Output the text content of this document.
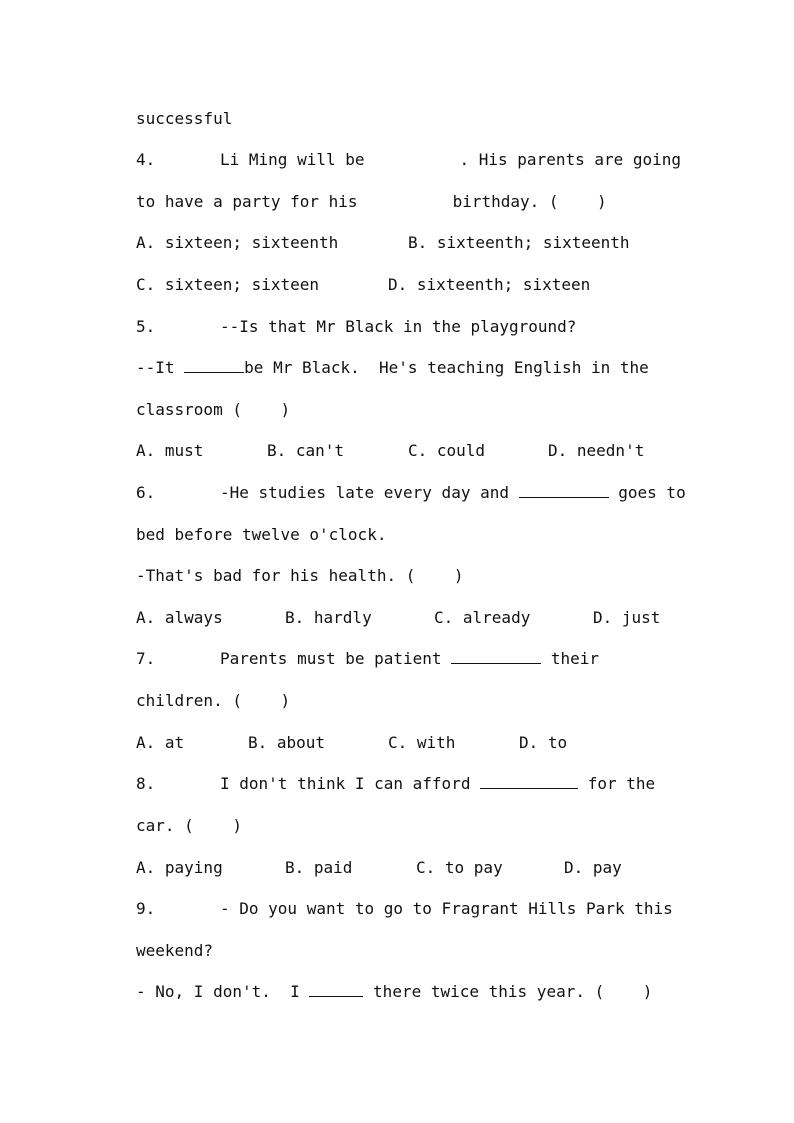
successful
4.	Li Ming will be	. His parents are going
to have a party for his	birthday. (    )
A. sixteen; sixteenth	B. sixteenth; sixteenth
C. sixteen; sixteen	D. sixteenth; sixteen
5.	--Is that Mr Black in the playground?
--It	be Mr Black.  He's teaching English in the
classroom (    )
A. must	B. can't	C. could	D. needn't
6.	-He studies late every day and	goes to
bed before twelve o'clock.
-That's bad for his health. (    )
A. always	B. hardly	C. already	D. just
7.	Parents must be patient	their
children. (    )
A. at	B. about	C. with	D. to
8.	I don't think I can afford	for the
car. (    )
A. paying	B. paid	C. to pay	D. pay
9.	- Do you want to go to Fragrant Hills Park this
weekend?
- No, I don't.  I	there twice this year. (    )
